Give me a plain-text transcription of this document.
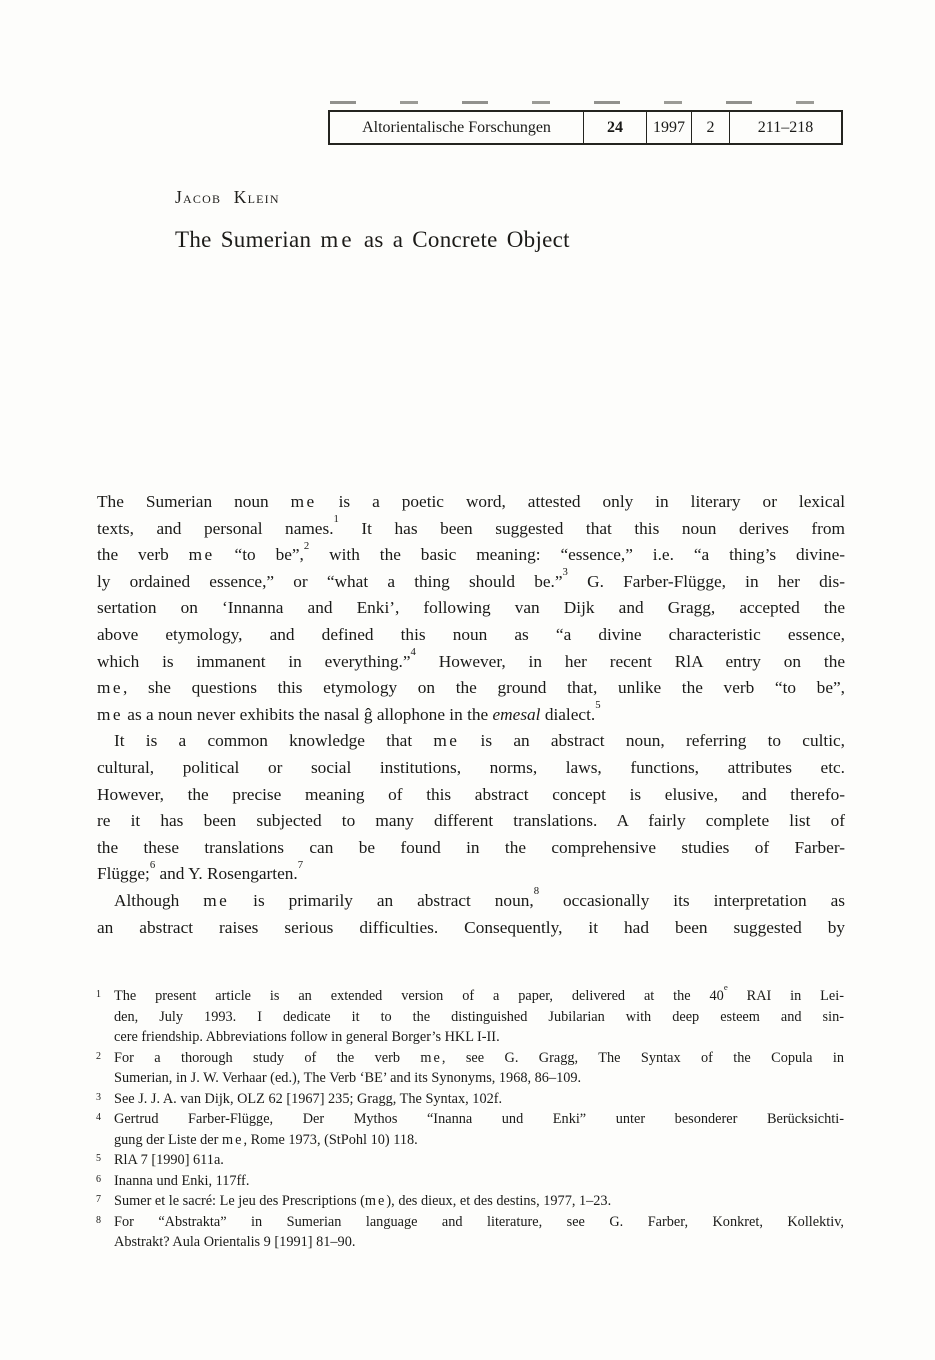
Altorientalische Forschungen	24	1997	2	211–218
Jacob Klein
The Sumerian me as a Concrete Object
The Sumerian noun me is a poetic word, attested only in literary or lexical
texts, and personal names.$^1$ It has been suggested that this noun derives from
the verb me “to be”,$^2$ with the basic meaning: “essence,” i.e. “a thing’s divine-
ly ordained essence,” or “what a thing should be.”$^3$ G. Farber-Flügge, in her dis-
sertation on ‘Innanna and Enki’, following van Dijk and Gragg, accepted the
above etymology, and defined this noun as “a divine characteristic essence,
which is immanent in everything.”$^4$ However, in her recent RlA entry on the
me, she questions this etymology on the ground that, unlike the verb “to be”,
me as a noun never exhibits the nasal ĝ allophone in the emesal dialect.$^5$
It is a common knowledge that me is an abstract noun, referring to cultic,
cultural, political or social institutions, norms, laws, functions, attributes etc.
However, the precise meaning of this abstract concept is elusive, and therefo-
re it has been subjected to many different translations. A fairly complete list of
the these translations can be found in the comprehensive studies of Farber-
Flügge;$^6$ and Y. Rosengarten.$^7$
Although me is primarily an abstract noun,$^8$ occasionally its interpretation as
an abstract raises serious difficulties. Consequently, it had been suggested by
1 The present article is an extended version of a paper, delivered at the 40e RAI in Lei-
den, July 1993. I dedicate it to the distinguished Jubilarian with deep esteem and sin-
cere friendship. Abbreviations follow in general Borger’s HKL I-II.
2 For a thorough study of the verb me, see G. Gragg, The Syntax of the Copula in
Sumerian, in J. W. Verhaar (ed.), The Verb ‘BE’ and its Synonyms, 1968, 86–109.
3 See J. J. A. van Dijk, OLZ 62 [1967] 235; Gragg, The Syntax, 102f.
4 Gertrud Farber-Flügge, Der Mythos “Inanna und Enki” unter besonderer Berücksichti-
gung der Liste der me, Rome 1973, (StPohl 10) 118.
5 RlA 7 [1990] 611a.
6 Inanna und Enki, 117ff.
7 Sumer et le sacré: Le jeu des Prescriptions (me), des dieux, et des destins, 1977, 1–23.
8 For “Abstrakta” in Sumerian language and literature, see G. Farber, Konkret, Kollektiv,
Abstrakt? Aula Orientalis 9 [1991] 81–90.
